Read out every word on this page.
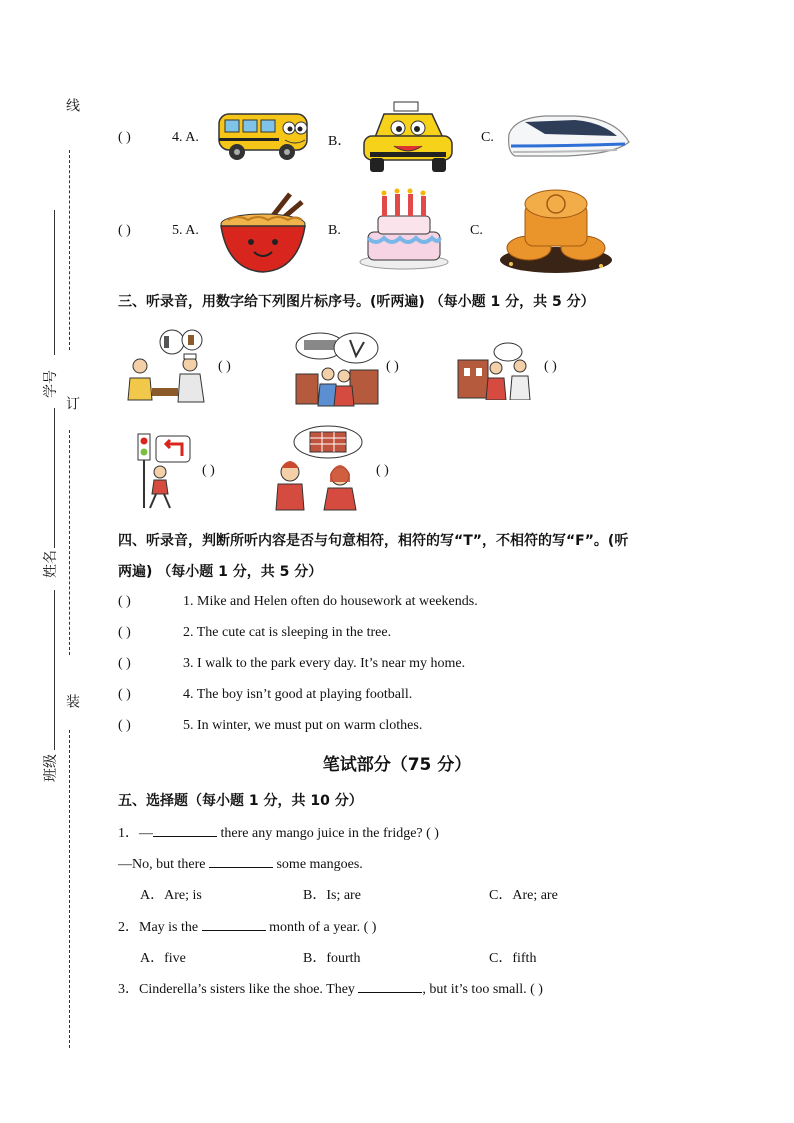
线
订
装
学号
姓名
班级
( )	4. A.	B．	C.
( )	5. A.	B.	C.
三、听录音，用数字给下列图片标序号。(听两遍) （每小题 1 分，共 5 分）
( )	( )	( )
( )	( )
四、听录音，判断所听内容是否与句意相符，相符的写“T”，不相符的写“F”。(听
两遍) （每小题 1 分，共 5 分）
( )	1. Mike and Helen often do housework at weekends.
( )	2. The cute cat is sleeping in the tree.
( )	3. I walk to the park every day. It’s near my home.
( )	4. The boy isn’t good at playing football.
( )	5. In winter, we must put on warm clothes.
笔试部分（75 分）
五、选择题（每小题 1 分，共 10 分）
1．—	there any mango juice in the fridge? ( )
—No, but there	some mangoes.
A．Are; is	B．Is; are	C．Are; are
2．May is the	month of a year. ( )
A．five	B．fourth	C．fifth
3．Cinderella’s sisters like the shoe. They	, but it’s too small. ( )
